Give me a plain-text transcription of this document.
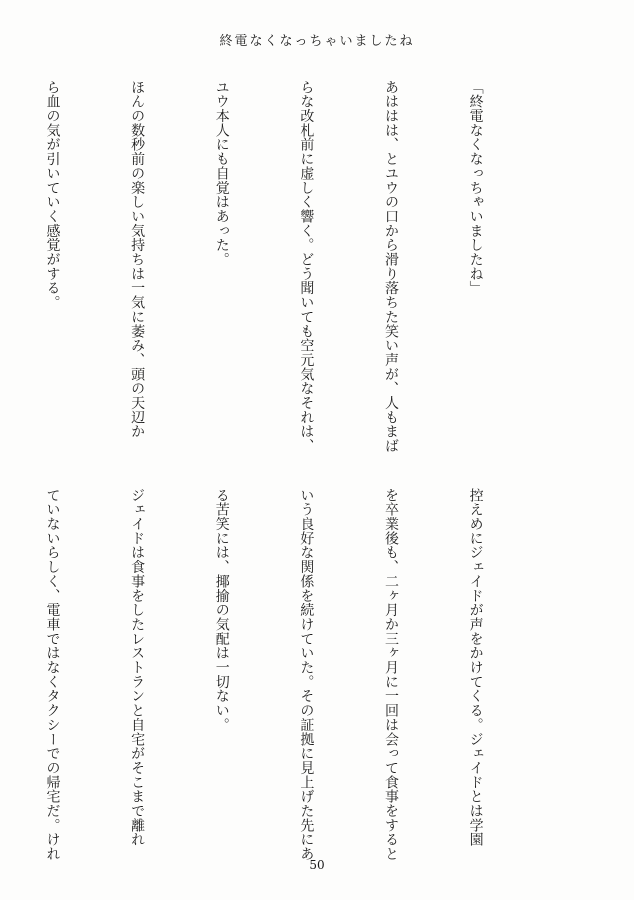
終電なくなっちゃいましたね

「終電なくなっちゃいましたね」

あははは、とユウの口から滑り落ちた笑い声が、人もまば

らな改札前に虚しく響く。どう聞いても空元気なそれは、

ユウ本人にも自覚はあった。

ほんの数秒前の楽しい気持ちは一気に萎み、頭の天辺か

ら血の気が引いていく感覚がする。

控えめにジェイドが声をかけてくる。ジェイドとは学園

を卒業後も、二ヶ月か三ヶ月に一回は会って食事をすると

いう良好な関係を続けていた。その証拠に見上げた先にあ

る苦笑には、揶揄の気配は一切ない。

ジェイドは食事をしたレストランと自宅がそこまで離れ

ていないらしく、電車ではなくタクシーでの帰宅だ。けれ

50
